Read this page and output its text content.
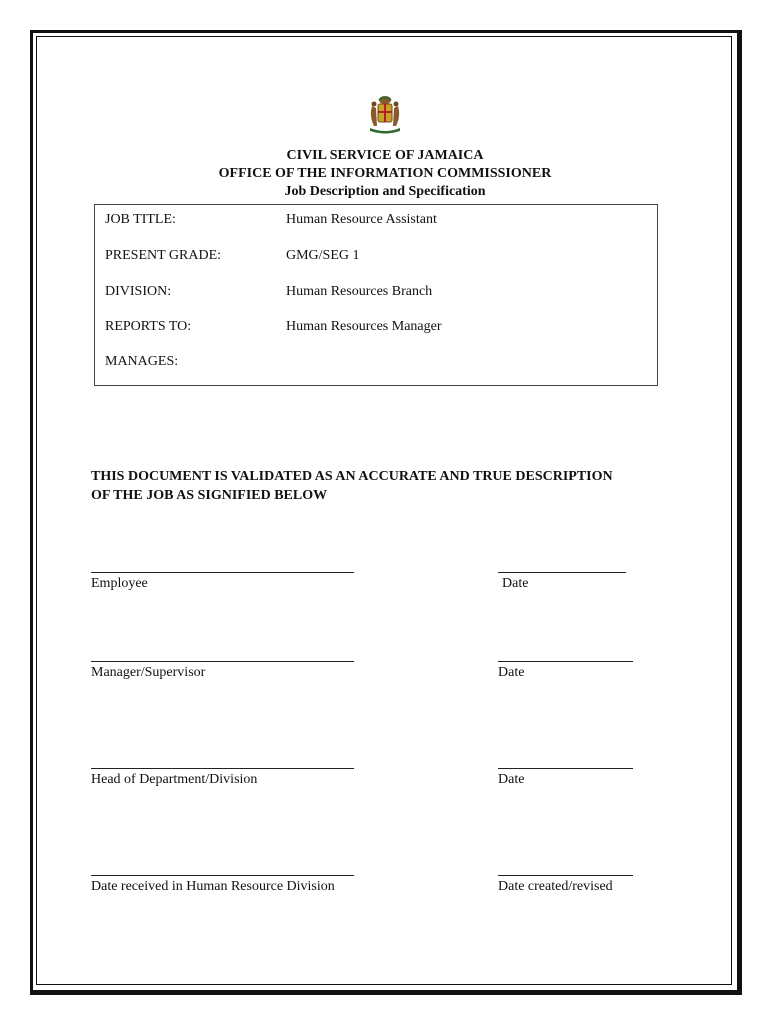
CIVIL SERVICE OF JAMAICA
OFFICE OF THE INFORMATION COMMISSIONER
Job Description and Specification
JOB TITLE:	Human Resource Assistant
PRESENT GRADE:	GMG/SEG 1
DIVISION:	Human Resources Branch
REPORTS TO:	Human Resources Manager
MANAGES:
THIS DOCUMENT IS VALIDATED AS AN ACCURATE AND TRUE DESCRIPTION
OF THE JOB AS SIGNIFIED BELOW
Employee	Date
Manager/Supervisor	Date
Head of Department/Division	Date
Date received in Human Resource Division	Date created/revised
